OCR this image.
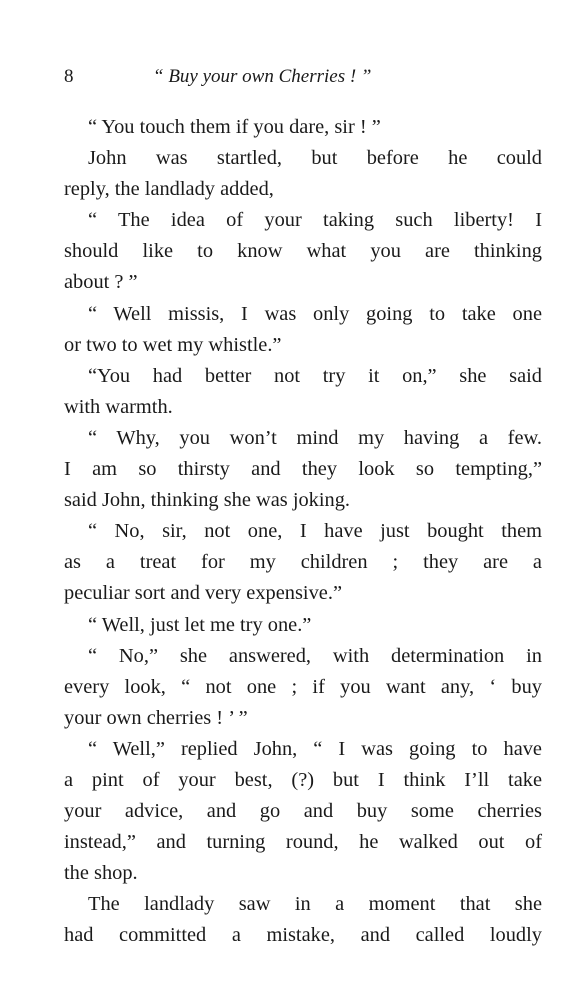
8	“ Buy your own Cherries ! ”
“ You touch them if you dare, sir ! ”
John was startled, but before he could
reply, the landlady added,
“ The idea of your taking such liberty! I
should like to know what you are thinking
about ? ”
“ Well missis, I was only going to take one
or two to wet my whistle.”
“You had better not try it on,” she said
with warmth.
“ Why, you won’t mind my having a few.
I am so thirsty and they look so tempting,”
said John, thinking she was joking.
“ No, sir, not one, I have just bought them
as a treat for my children ; they are a
peculiar sort and very expensive.”
“ Well, just let me try one.”
“ No,” she answered, with determination in
every look, “ not one ; if you want any, ‘ buy
your own cherries ! ’ ”
“ Well,” replied John, “ I was going to have
a pint of your best, (?) but I think I’ll take
your advice, and go and buy some cherries
instead,” and turning round, he walked out of
the shop.
The landlady saw in a moment that she
had committed a mistake, and called loudly
